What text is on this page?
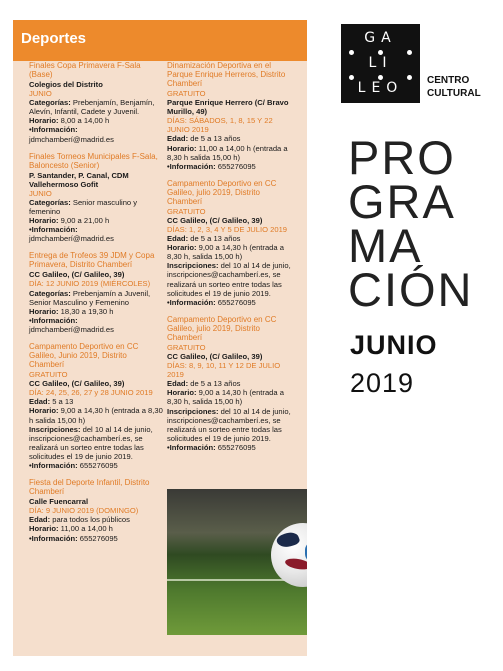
Deportes
Finales Copa Primavera F-Sala (Base)
Colegios del Distrito
JUNIO
Categorías: Prebenjamín, Benjamín, Alevín, Infantil, Cadete y Juvenil.
Horario: 8,00 a 14,00 h
•Información: jdmchamberí@madrid.es
Finales Torneos Municipales F-Sala, Baloncesto (Senior)
P. Santander, P. Canal, CDM Vallehermoso Gofit
JUNIO
Categorías: Senior masculino y femenino
Horario: 9,00 a 21,00 h
•Información: jdmchamberí@madrid.es
Entrega de Trofeos 39 JDM y Copa Primavera, Distrito Chamberí
CC Galileo, (C/ Galileo, 39)
DÍA: 12 JUNIO 2019 (MIÉRCOLES)
Categorías: Prebenjamín a Juvenil, Senior Masculino y Femenino
Horario: 18,30 a 19,30 h
•Información: jdmchamberí@madrid.es
Campamento Deportivo en CC Galileo, Junio 2019, Distrito Chamberí
GRATUITO
CC Galileo, (C/ Galileo, 39)
DÍA: 24, 25, 26, 27 y 28 JUNIO 2019
Edad: 5 a 13
Horario: 9,00 a 14,30 h (entrada a 8,30 h salida 15,00 h)
Inscripciones: del 10 al 14 de junio, inscripciones@cachamberí.es, se realizará un sorteo entre todas las solicitudes el 19 de junio 2019.
•Información: 655276095
Fiesta del Deporte Infantil, Distrito Chamberí
Calle Fuencarral
DÍA: 9 JUNIO 2019 (DOMINGO)
Edad: para todos los públicos
Horario: 11,00 a 14,00 h
•Información: 655276095
Dinamización Deportiva en el Parque Enrique Herreros, Distrito Chamberí
GRATUITO
Parque Enrique Herrero (C/ Bravo Murillo, 49)
DÍAS: SÁBADOS, 1, 8, 15 Y 22 JUNIO 2019
Edad: de 5 a 13 años
Horario: 11,00 a 14,00 h (entrada a 8,30 h salida 15,00 h)
•Información: 655276095
Campamento Deportivo en CC Galileo, julio 2019, Distrito Chamberí
GRATUITO
CC Galileo, (C/ Galileo, 39)
DÍAS: 1, 2, 3, 4 Y 5 DE JULIO 2019
Edad: de 5 a 13 años
Horario: 9,00 a 14,30 h (entrada a 8,30 h, salida 15,00 h)
Inscripciones: del 10 al 14 de junio, inscripciones@cachamberí.es, se realizará un sorteo entre todas las solicitudes el 19 de junio 2019.
•Información: 655276095
Campamento Deportivo en CC Galileo, julio 2019, Distrito Chamberí
GRATUITO
CC Galileo, (C/ Galileo, 39)
DÍAS: 8, 9, 10, 11 Y 12 DE JULIO 2019
Edad: de 5 a 13 años
Horario: 9,00 a 14,30 h (entrada a 8,30 h, salida 15,00 h)
Inscripciones: del 10 al 14 de junio, inscripciones@cachamberí.es, se realizará un sorteo entre todas las solicitudes el 19 de junio 2019.
•Información: 655276095
GA
LI
LEO	CENTRO
CULTURAL
PRO
GRA
MA
CIÓN
JUNIO
2019
